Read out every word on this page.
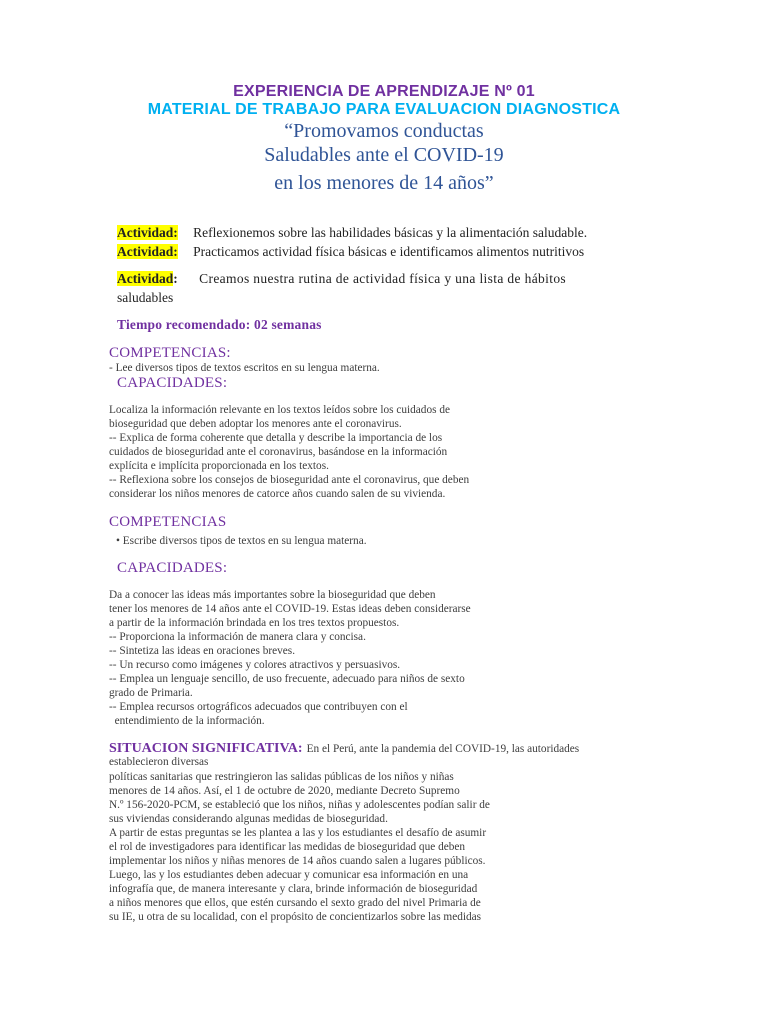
EXPERIENCIA DE APRENDIZAJE Nº 01
MATERIAL DE TRABAJO PARA EVALUACION DIAGNOSTICA
“Promovamos conductas
Saludables ante el COVID-19
en los menores de 14 años”
Actividad: Reflexionemos sobre las habilidades básicas y la alimentación saludable.
Actividad: Practicamos actividad física básicas e identificamos alimentos nutritivos
Actividad: Creamos nuestra rutina de actividad física y una lista de hábitos
saludables
Tiempo recomendado: 02 semanas
COMPETENCIAS:
- Lee diversos tipos de textos escritos en su lengua materna.
CAPACIDADES:
Localiza la información relevante en los textos leídos sobre los cuidados de
bioseguridad que deben adoptar los menores ante el coronavirus.
-- Explica de forma coherente que detalla y describe la importancia de los
cuidados de bioseguridad ante el coronavirus, basándose en la información
explícita e implícita proporcionada en los textos.
-- Reflexiona sobre los consejos de bioseguridad ante el coronavirus, que deben
considerar los niños menores de catorce años cuando salen de su vivienda.
COMPETENCIAS
• Escribe diversos tipos de textos en su lengua materna.
CAPACIDADES:
Da a conocer las ideas más importantes sobre la bioseguridad que deben
tener los menores de 14 años ante el COVID-19. Estas ideas deben considerarse
a partir de la información brindada en los tres textos propuestos.
-- Proporciona la información de manera clara y concisa.
-- Sintetiza las ideas en oraciones breves.
-- Un recurso como imágenes y colores atractivos y persuasivos.
-- Emplea un lenguaje sencillo, de uso frecuente, adecuado para niños de sexto
grado de Primaria.
-- Emplea recursos ortográficos adecuados que contribuyen con el
entendimiento de la información.
SITUACION SIGNIFICATIVA: En el Perú, ante la pandemia del COVID-19, las autoridades
establecieron diversas
políticas sanitarias que restringieron las salidas públicas de los niños y niñas
menores de 14 años. Así, el 1 de octubre de 2020, mediante Decreto Supremo
N.º 156-2020-PCM, se estableció que los niños, niñas y adolescentes podían salir de
sus viviendas considerando algunas medidas de bioseguridad.
A partir de estas preguntas se les plantea a las y los estudiantes el desafío de asumir
el rol de investigadores para identificar las medidas de bioseguridad que deben
implementar los niños y niñas menores de 14 años cuando salen a lugares públicos.
Luego, las y los estudiantes deben adecuar y comunicar esa información en una
infografía que, de manera interesante y clara, brinde información de bioseguridad
a niños menores que ellos, que estén cursando el sexto grado del nivel Primaria de
su IE, u otra de su localidad, con el propósito de concientizarlos sobre las medidas
